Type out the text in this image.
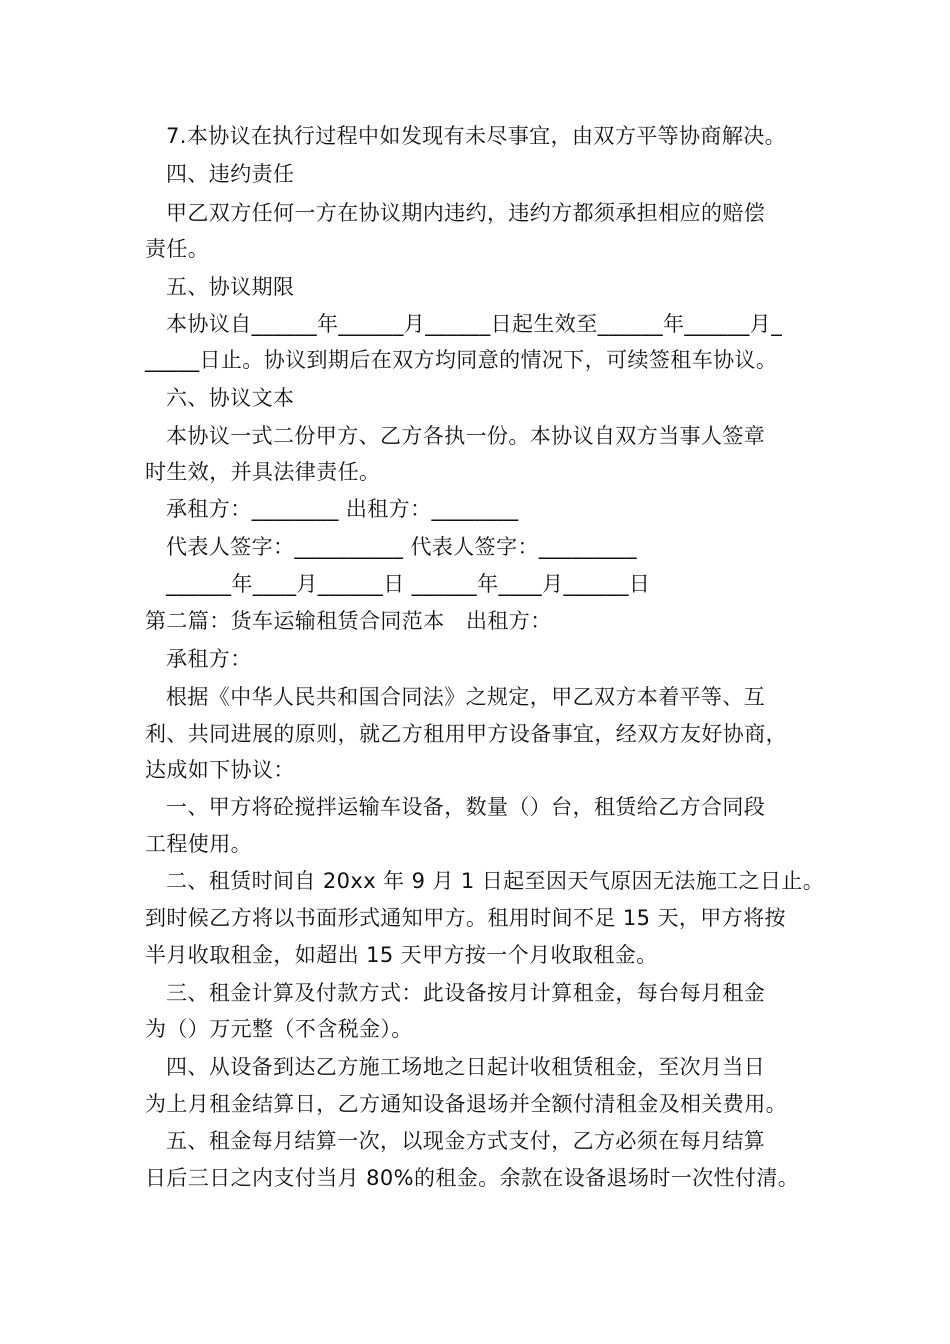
7.本协议在执行过程中如发现有未尽事宜，由双方平等协商解决。
四、违约责任
甲乙双方任何一方在协议期内违约，违约方都须承担相应的赔偿
责任。
五、协议期限
本协议自______年______月______日起生效至______年______月_
_____日止。协议到期后在双方均同意的情况下，可续签租车协议。
六、协议文本
本协议一式二份甲方、乙方各执一份。本协议自双方当事人签章
时生效，并具法律责任。
承租方：________ 出租方：________
代表人签字：__________ 代表人签字：_________
______年____月______日 ______年____月______日
第二篇：货车运输租赁合同范本　出租方：
承租方：
根据《中华人民共和国合同法》之规定，甲乙双方本着平等、互
利、共同进展的原则，就乙方租用甲方设备事宜，经双方友好协商，
达成如下协议：
一、甲方将砼搅拌运输车设备，数量（）台，租赁给乙方合同段
工程使用。
二、租赁时间自 20xx 年 9 月 1 日起至因天气原因无法施工之日止。
到时候乙方将以书面形式通知甲方。租用时间不足 15 天，甲方将按
半月收取租金，如超出 15 天甲方按一个月收取租金。
三、租金计算及付款方式：此设备按月计算租金，每台每月租金
为（）万元整（不含税金）。
四、从设备到达乙方施工场地之日起计收租赁租金，至次月当日
为上月租金结算日，乙方通知设备退场并全额付清租金及相关费用。
五、租金每月结算一次，以现金方式支付，乙方必须在每月结算
日后三日之内支付当月 80%的租金。余款在设备退场时一次性付清。
